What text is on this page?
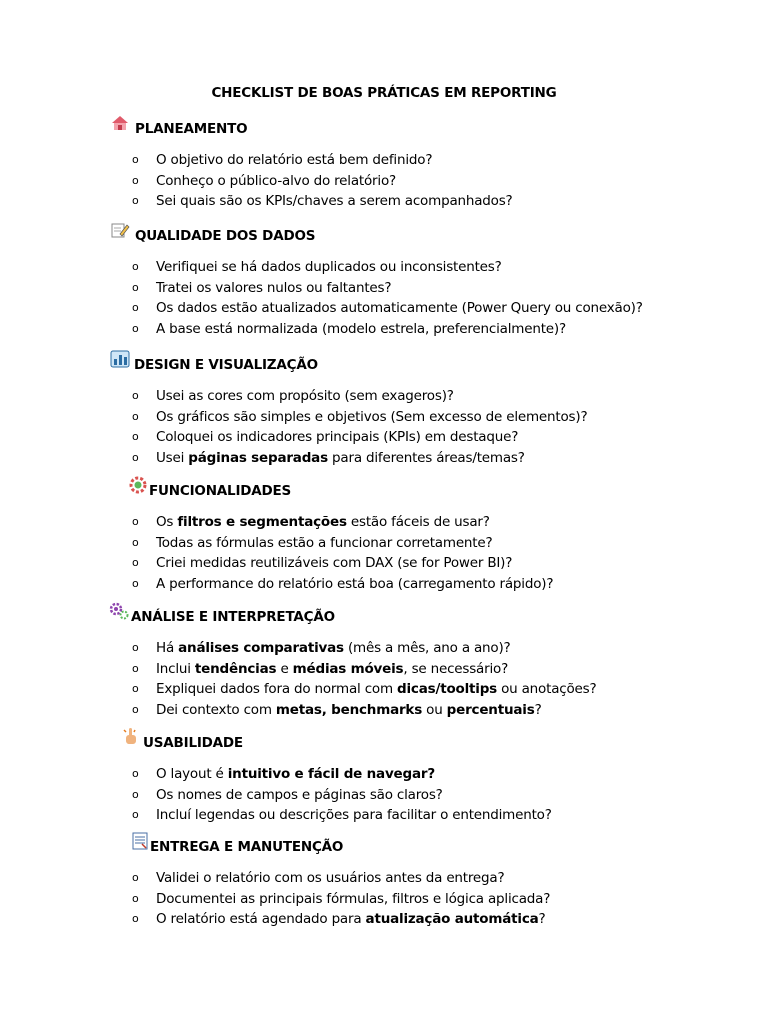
CHECKLIST DE BOAS PRÁTICAS EM REPORTING
PLANEAMENTO
o O objetivo do relatório está bem definido?
o Conheço o público-alvo do relatório?
o Sei quais são os KPIs/chaves a serem acompanhados?
QUALIDADE DOS DADOS
o Verifiquei se há dados duplicados ou inconsistentes?
o Tratei os valores nulos ou faltantes?
o Os dados estão atualizados automaticamente (Power Query ou conexão)?
o A base está normalizada (modelo estrela, preferencialmente)?
DESIGN E VISUALIZAÇÃO
o Usei as cores com propósito (sem exageros)?
o Os gráficos são simples e objetivos (Sem excesso de elementos)?
o Coloquei os indicadores principais (KPIs) em destaque?
o Usei páginas separadas para diferentes áreas/temas?
FUNCIONALIDADES
o Os filtros e segmentações estão fáceis de usar?
o Todas as fórmulas estão a funcionar corretamente?
o Criei medidas reutilizáveis com DAX (se for Power BI)?
o A performance do relatório está boa (carregamento rápido)?
ANÁLISE E INTERPRETAÇÃO
o Há análises comparativas (mês a mês, ano a ano)?
o Inclui tendências e médias móveis, se necessário?
o Expliquei dados fora do normal com dicas/tooltips ou anotações?
o Dei contexto com metas, benchmarks ou percentuais?
USABILIDADE
o O layout é intuitivo e fácil de navegar?
o Os nomes de campos e páginas são claros?
o Incluí legendas ou descrições para facilitar o entendimento?
ENTREGA E MANUTENÇÃO
o Validei o relatório com os usuários antes da entrega?
o Documentei as principais fórmulas, filtros e lógica aplicada?
o O relatório está agendado para atualização automática?
